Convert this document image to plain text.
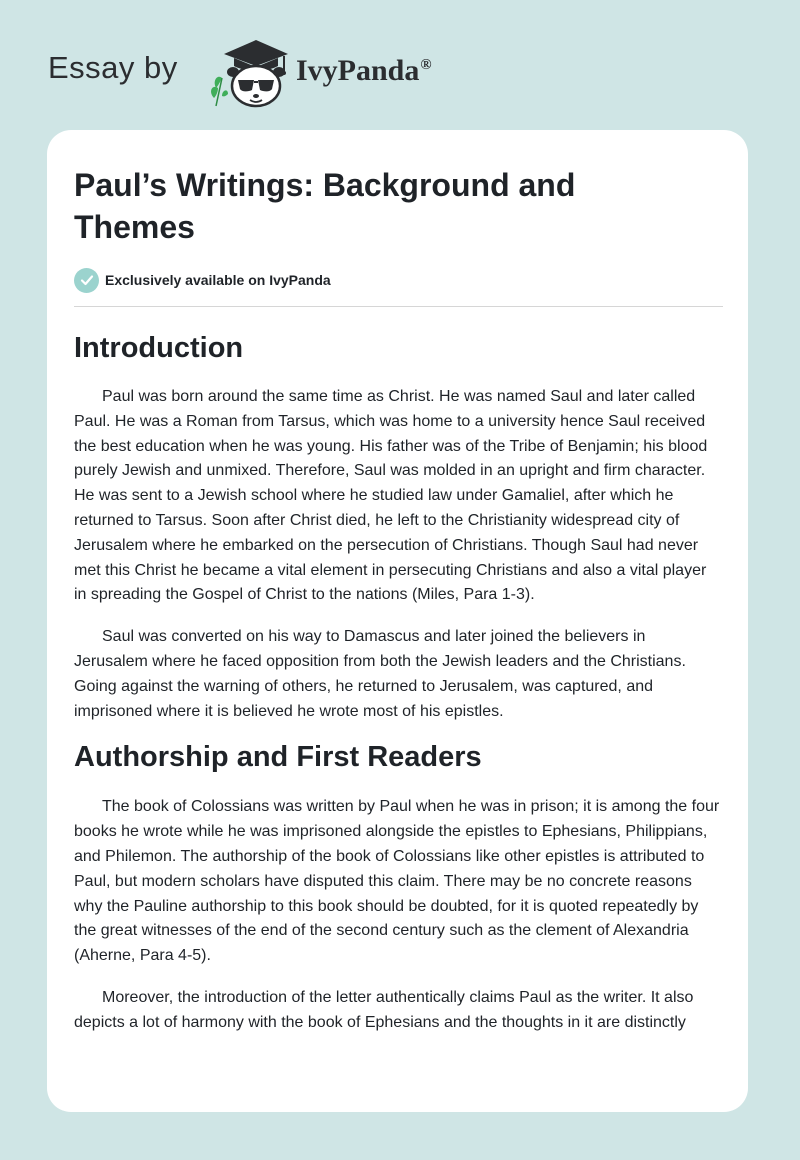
Essay by	IvyPanda®
Paul’s Writings: Background and Themes
Exclusively available on IvyPanda
Introduction

Paul was born around the same time as Christ. He was named Saul and later called Paul. He was a Roman from Tarsus, which was home to a university hence Saul received the best education when he was young. His father was of the Tribe of Benjamin; his blood purely Jewish and unmixed. Therefore, Saul was molded in an upright and firm character. He was sent to a Jewish school where he studied law under Gamaliel, after which he returned to Tarsus. Soon after Christ died, he left to the Christianity widespread city of Jerusalem where he embarked on the persecution of Christians. Though Saul had never met this Christ he became a vital element in persecuting Christians and also a vital player in spreading the Gospel of Christ to the nations (Miles, Para 1-3).

Saul was converted on his way to Damascus and later joined the believers in Jerusalem where he faced opposition from both the Jewish leaders and the Christians. Going against the warning of others, he returned to Jerusalem, was captured, and imprisoned where it is believed he wrote most of his epistles.

Authorship and First Readers

The book of Colossians was written by Paul when he was in prison; it is among the four books he wrote while he was imprisoned alongside the epistles to Ephesians, Philippians, and Philemon. The authorship of the book of Colossians like other epistles is attributed to Paul, but modern scholars have disputed this claim. There may be no concrete reasons why the Pauline authorship to this book should be doubted, for it is quoted repeatedly by the great witnesses of the end of the second century such as the clement of Alexandria (Aherne, Para 4-5).

Moreover, the introduction of the letter authentically claims Paul as the writer. It also depicts a lot of harmony with the book of Ephesians and the thoughts in it are distinctly
